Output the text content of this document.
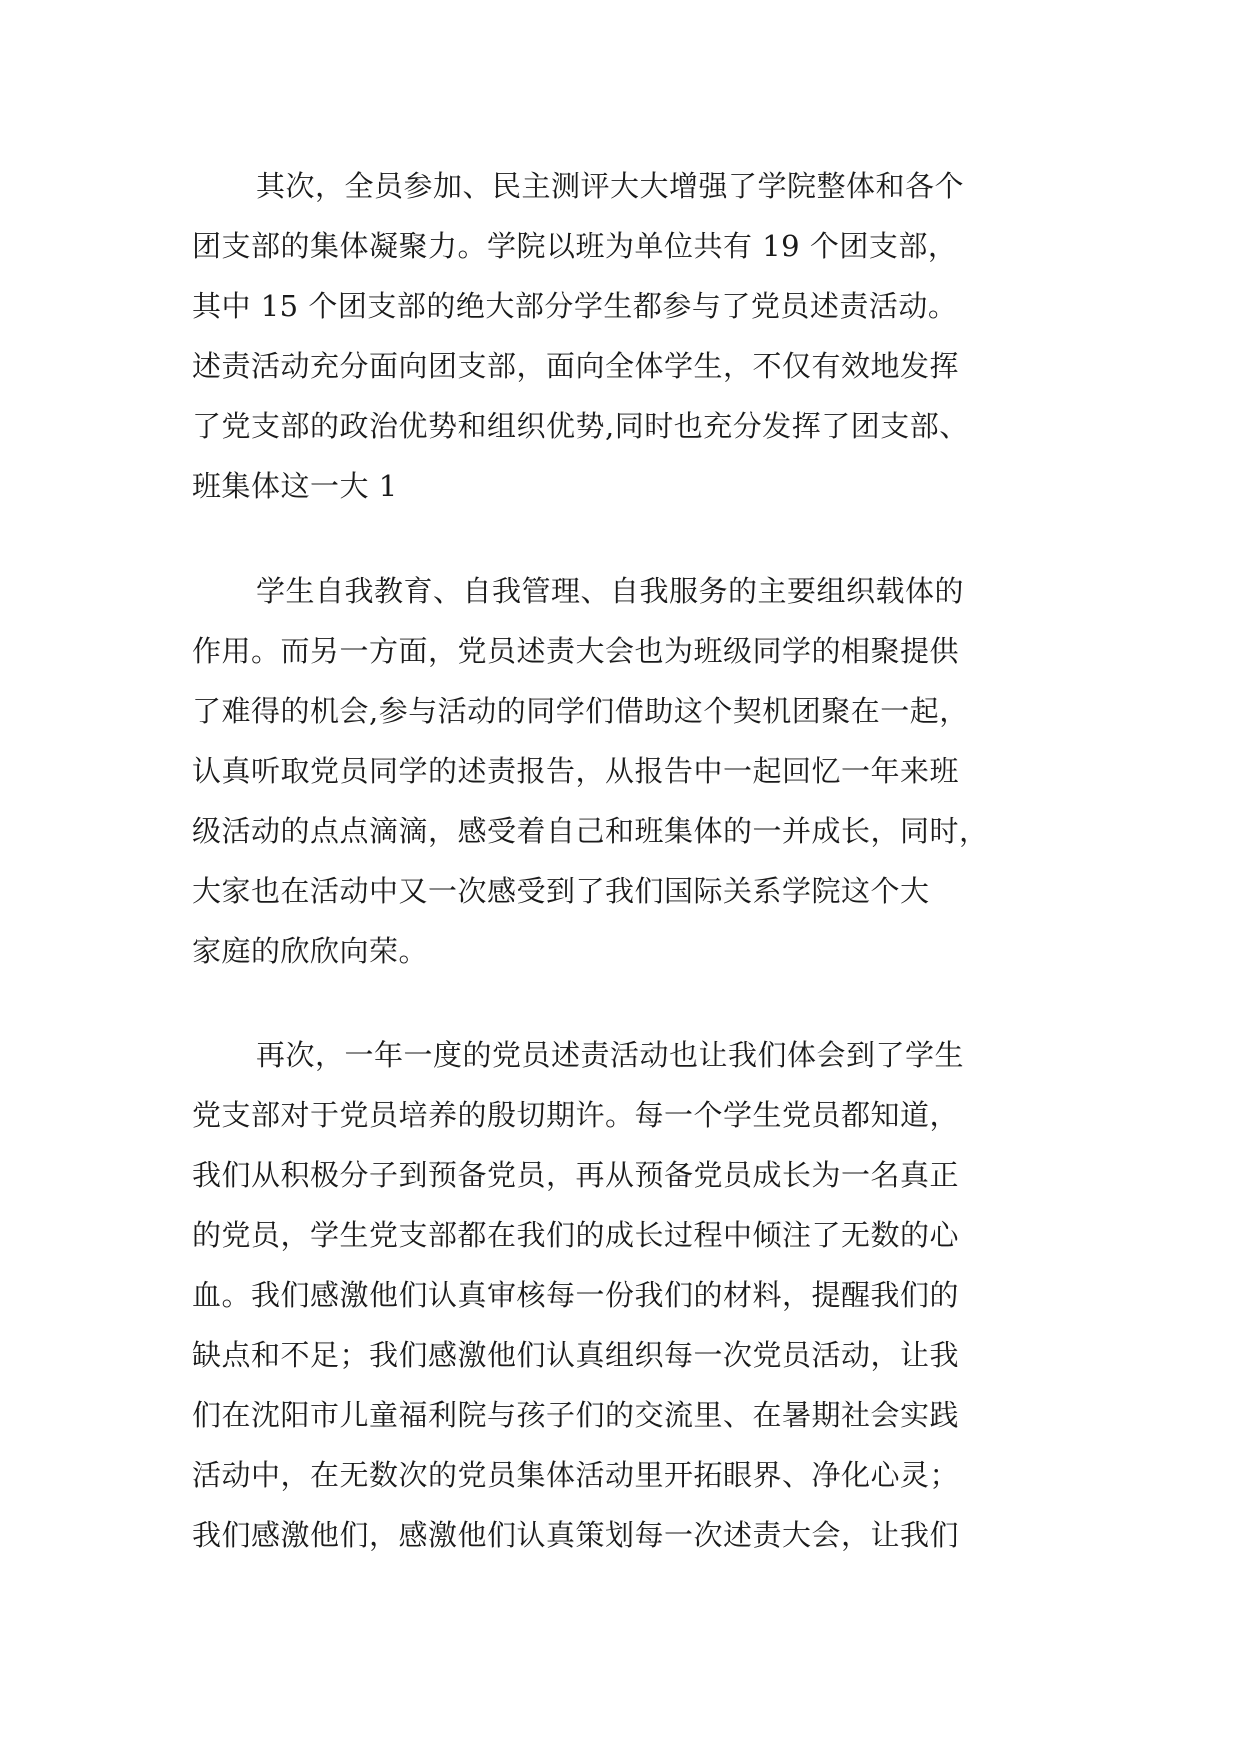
其次，全员参加、民主测评大大增强了学院整体和各个
团支部的集体凝聚力。学院以班为单位共有 19 个团支部，
其中 15 个团支部的绝大部分学生都参与了党员述责活动。
述责活动充分面向团支部，面向全体学生，不仅有效地发挥
了党支部的政治优势和组织优势,同时也充分发挥了团支部、
班集体这一大 1
学生自我教育、自我管理、自我服务的主要组织载体的
作用。而另一方面，党员述责大会也为班级同学的相聚提供
了难得的机会,参与活动的同学们借助这个契机团聚在一起，
认真听取党员同学的述责报告，从报告中一起回忆一年来班
级活动的点点滴滴，感受着自己和班集体的一并成长，同时，
大家也在活动中又一次感受到了我们国际关系学院这个大
家庭的欣欣向荣。
再次，一年一度的党员述责活动也让我们体会到了学生
党支部对于党员培养的殷切期许。每一个学生党员都知道，
我们从积极分子到预备党员，再从预备党员成长为一名真正
的党员，学生党支部都在我们的成长过程中倾注了无数的心
血。我们感激他们认真审核每一份我们的材料，提醒我们的
缺点和不足；我们感激他们认真组织每一次党员活动，让我
们在沈阳市儿童福利院与孩子们的交流里、在暑期社会实践
活动中，在无数次的党员集体活动里开拓眼界、净化心灵；
我们感激他们，感激他们认真策划每一次述责大会，让我们
